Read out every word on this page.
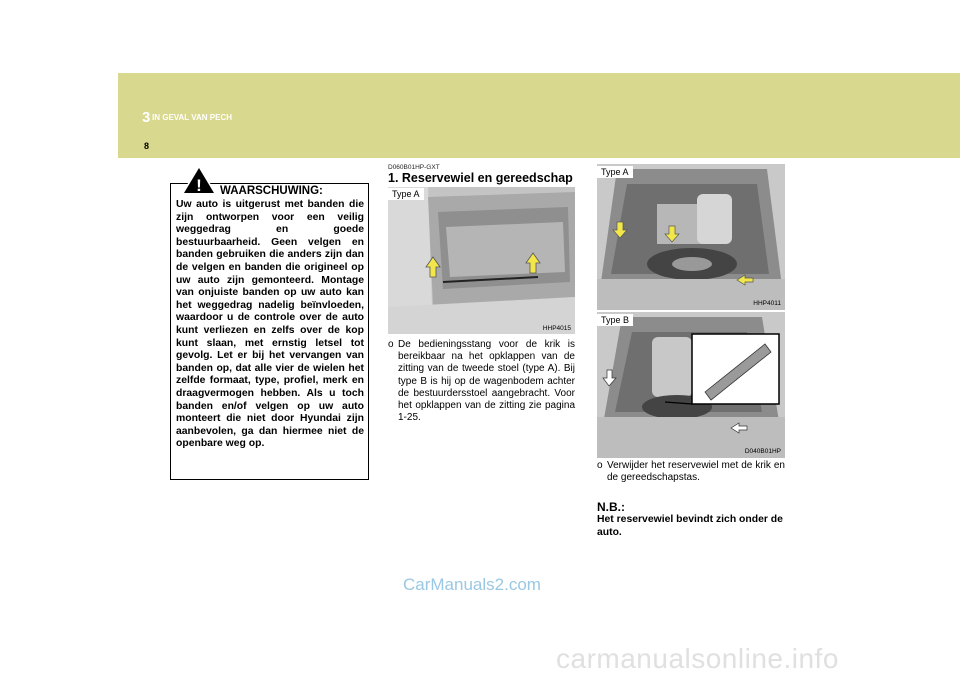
3 IN GEVAL VAN PECH
8
! WAARSCHUWING:
Uw auto is uitgerust met banden die zijn ontworpen voor een veilig weggedrag en goede bestuurbaarheid. Geen velgen en banden gebruiken die anders zijn dan de velgen en banden die origineel op uw auto zijn gemonteerd. Montage van onjuiste banden op uw auto kan het weggedrag nadelig beïnvloeden, waardoor u de controle over de auto kunt verliezen en zelfs over de kop kunt slaan, met ernstig letsel tot gevolg. Let er bij het vervangen van banden op, dat alle vier de wielen het zelfde formaat, type, profiel, merk en draagvermogen hebben. Als u toch banden en/of velgen op uw auto monteert die niet door Hyundai zijn aanbevolen, ga dan hiermee niet de openbare weg op.
D060B01HP-GXT
1. Reservewiel en gereedschap
Type A
HHP4015
o De bedieningsstang voor de krik is bereikbaar na het opklappen van de zitting van de tweede stoel (type A). Bij type B is hij op de wagenbodem achter de bestuurdersstoel aangebracht. Voor het opklappen van de zitting zie pagina 1-25.
Type A
HHP4011
Type B
D040B01HP
o Verwijder het reservewiel met de krik en de gereedschapstas.
N.B.:
Het reservewiel bevindt zich onder de auto.
CarManuals2.com
carmanualsonline.info
